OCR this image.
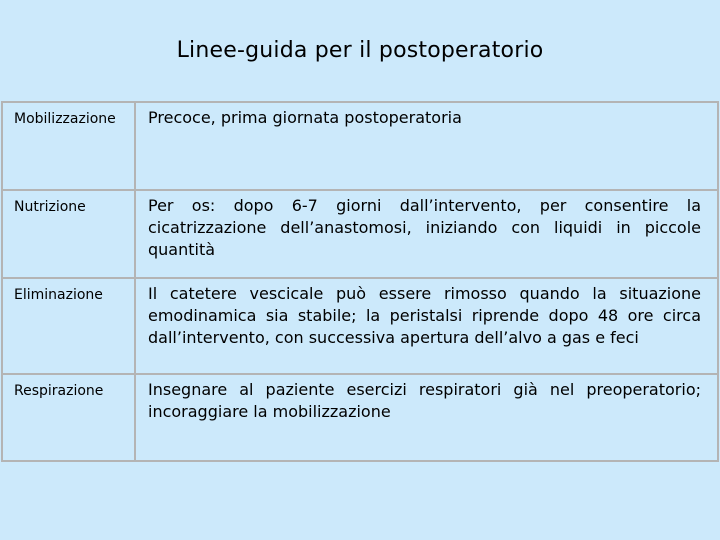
Linee-guida per il postoperatorio
Mobilizzazione	Precoce, prima giornata postoperatoria
Nutrizione	Per os: dopo 6-7 giorni dall’intervento, per consentire la cicatrizzazione dell’anastomosi, iniziando con liquidi in piccole quantità
Eliminazione	Il catetere vescicale può essere rimosso quando la situazione emodinamica sia stabile; la peristalsi riprende dopo 48 ore circa dall’intervento, con successiva apertura dell’alvo a gas e feci
Respirazione	Insegnare al paziente esercizi respiratori già nel preoperatorio; incoraggiare la mobilizzazione
